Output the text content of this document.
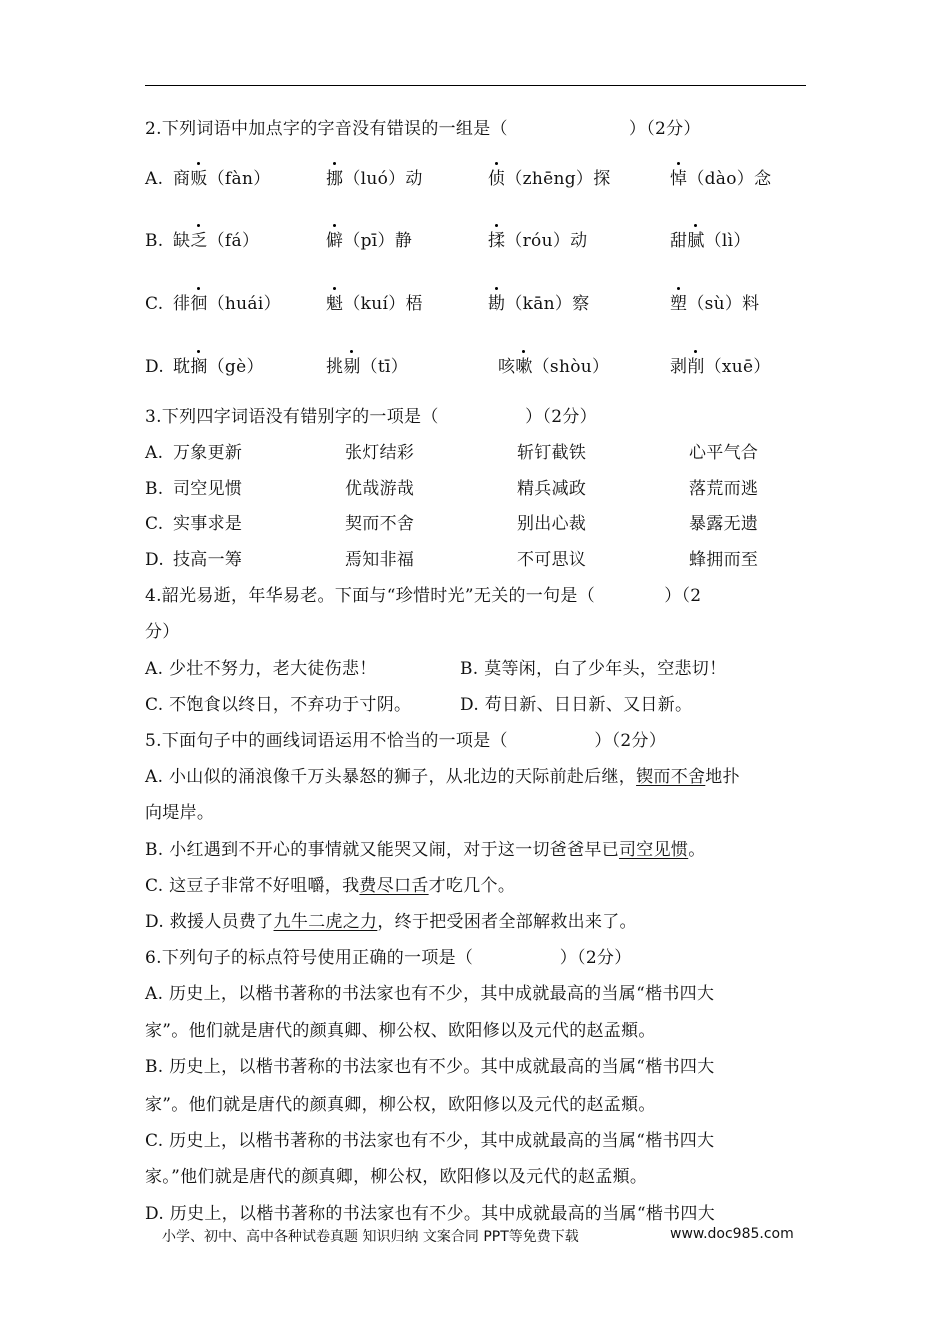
2.下列词语中加点字的字音没有错误的一组是（　　　　　　　）（2分）
A. 商贩（fàn）	挪（luó）动	侦（zhēng）探	悼（dào）念
B. 缺乏（fá）	僻（pī）静	揉（róu）动	甜腻（lì）
C. 徘徊（huái）	魁（kuí）梧	勘（kān）察	塑（sù）料
D. 耽搁（gè）	挑剔（tī）	咳嗽（shòu）	剥削（xuē）
3.下列四字词语没有错别字的一项是（　　　　　）（2分）
A. 万象更新	张灯结彩	斩钉截铁	心平气合
B. 司空见惯	优哉游哉	精兵减政	落荒而逃
C. 实事求是	契而不舍	别出心裁	暴露无遗
D. 技高一筹	焉知非福	不可思议	蜂拥而至
4.韶光易逝，年华易老。下面与“珍惜时光”无关的一句是（　　　　）（2
分）
A. 少壮不努力，老大徒伤悲！	B. 莫等闲，白了少年头，空悲切！
C. 不饱食以终日，不弃功于寸阴。	D. 苟日新、日日新、又日新。
5.下面句子中的画线词语运用不恰当的一项是（　　　　　）（2分）
A. 小山似的涌浪像千万头暴怒的狮子，从北边的天际前赴后继，锲而不舍地扑
向堤岸。
B. 小红遇到不开心的事情就又能哭又闹，对于这一切爸爸早已司空见惯。
C. 这豆子非常不好咀嚼，我费尽口舌才吃几个。
D. 救援人员费了九牛二虎之力，终于把受困者全部解救出来了。
6.下列句子的标点符号使用正确的一项是（　　　　　）（2分）
A. 历史上，以楷书著称的书法家也有不少，其中成就最高的当属“楷书四大
家”。他们就是唐代的颜真卿、柳公权、欧阳修以及元代的赵孟頫。
B. 历史上，以楷书著称的书法家也有不少。其中成就最高的当属“楷书四大
家”。他们就是唐代的颜真卿，柳公权，欧阳修以及元代的赵孟頫。
C. 历史上，以楷书著称的书法家也有不少，其中成就最高的当属“楷书四大
家。”他们就是唐代的颜真卿，柳公权，欧阳修以及元代的赵孟頫。
D. 历史上，以楷书著称的书法家也有不少。其中成就最高的当属“楷书四大
小学、初中、高中各种试卷真题 知识归纳 文案合同 PPT等免费下载	www.doc985.com
